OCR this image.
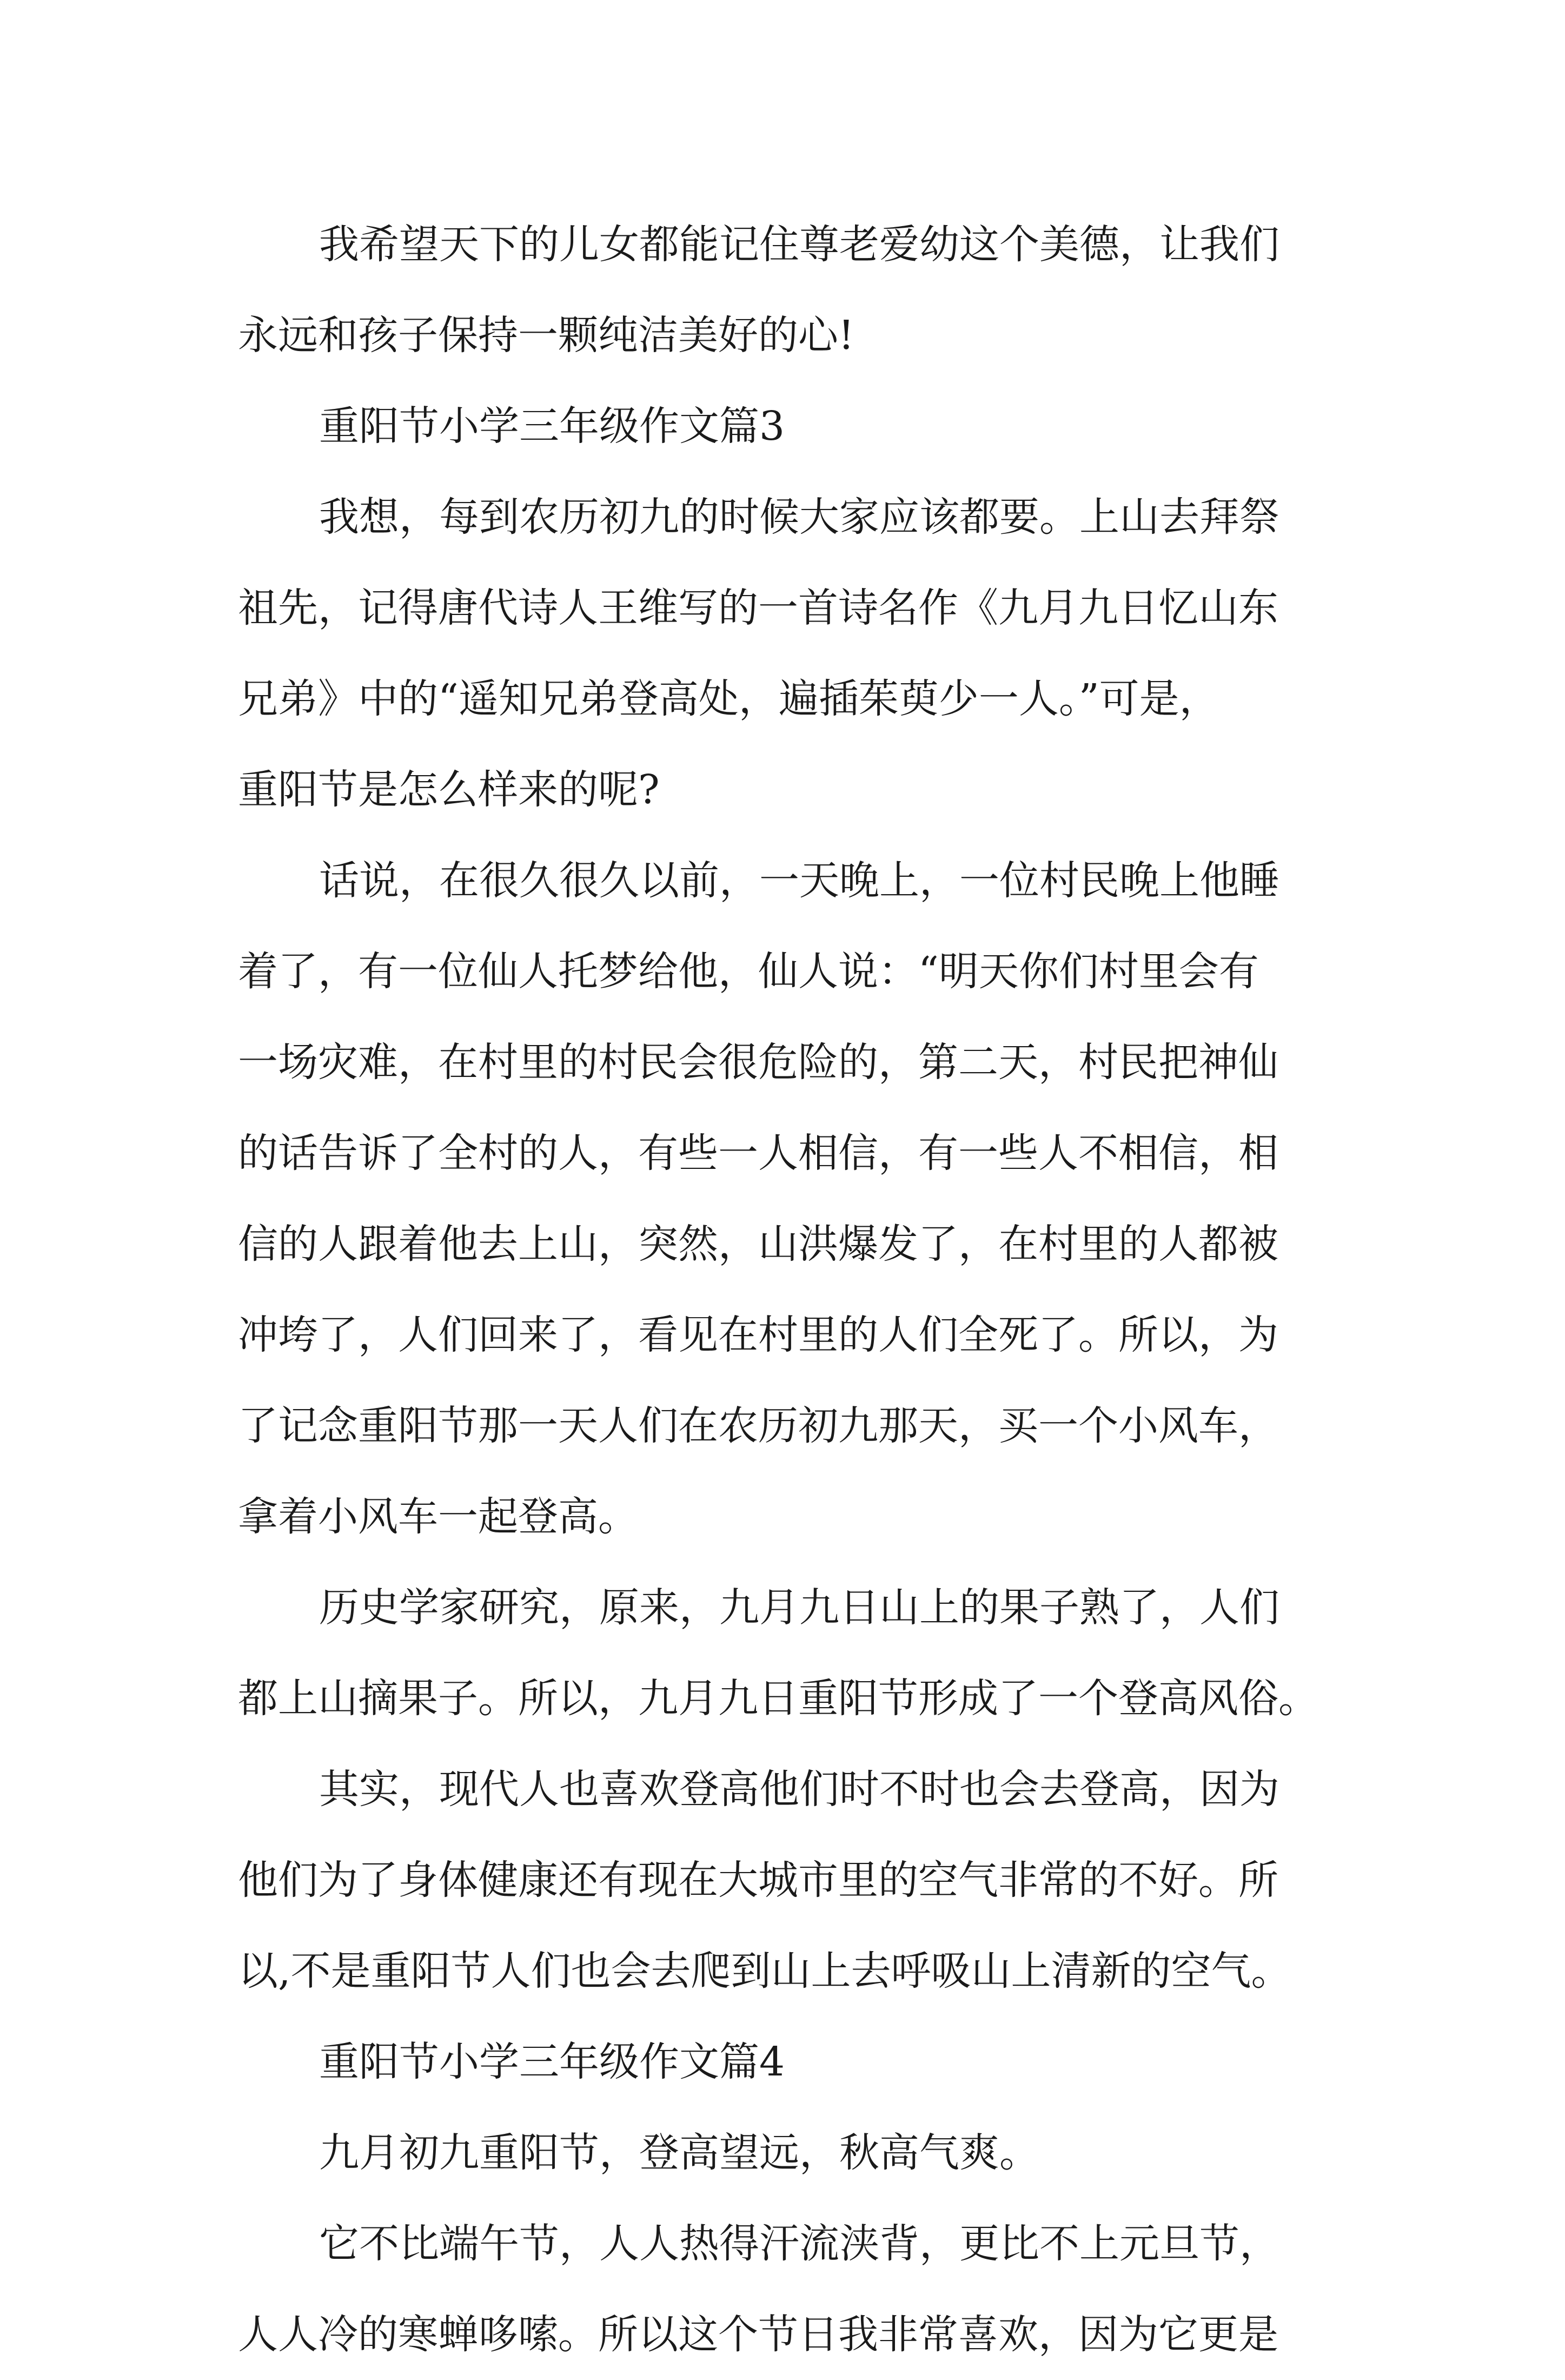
我希望天下的儿女都能记住尊老爱幼这个美德，让我们
永远和孩子保持一颗纯洁美好的心!
重阳节小学三年级作文篇3
我想，每到农历初九的时候大家应该都要。上山去拜祭
祖先，记得唐代诗人王维写的一首诗名作《九月九日忆山东
兄弟》中的“遥知兄弟登高处，遍插茱萸少一人。”可是，
重阳节是怎么样来的呢?
话说，在很久很久以前，一天晚上，一位村民晚上他睡
着了，有一位仙人托梦给他，仙人说：“明天你们村里会有
一场灾难，在村里的村民会很危险的，第二天，村民把神仙
的话告诉了全村的人，有些一人相信，有一些人不相信，相
信的人跟着他去上山，突然，山洪爆发了，在村里的人都被
冲垮了，人们回来了，看见在村里的人们全死了。所以，为
了记念重阳节那一天人们在农历初九那天，买一个小风车，
拿着小风车一起登高。
历史学家研究，原来，九月九日山上的果子熟了，人们
都上山摘果子。所以，九月九日重阳节形成了一个登高风俗。
其实，现代人也喜欢登高他们时不时也会去登高，因为
他们为了身体健康还有现在大城市里的空气非常的不好。所
以,不是重阳节人们也会去爬到山上去呼吸山上清新的空气。
重阳节小学三年级作文篇4
九月初九重阳节，登高望远，秋高气爽。
它不比端午节，人人热得汗流浃背，更比不上元旦节，
人人冷的寒蝉哆嗦。所以这个节日我非常喜欢，因为它更是
